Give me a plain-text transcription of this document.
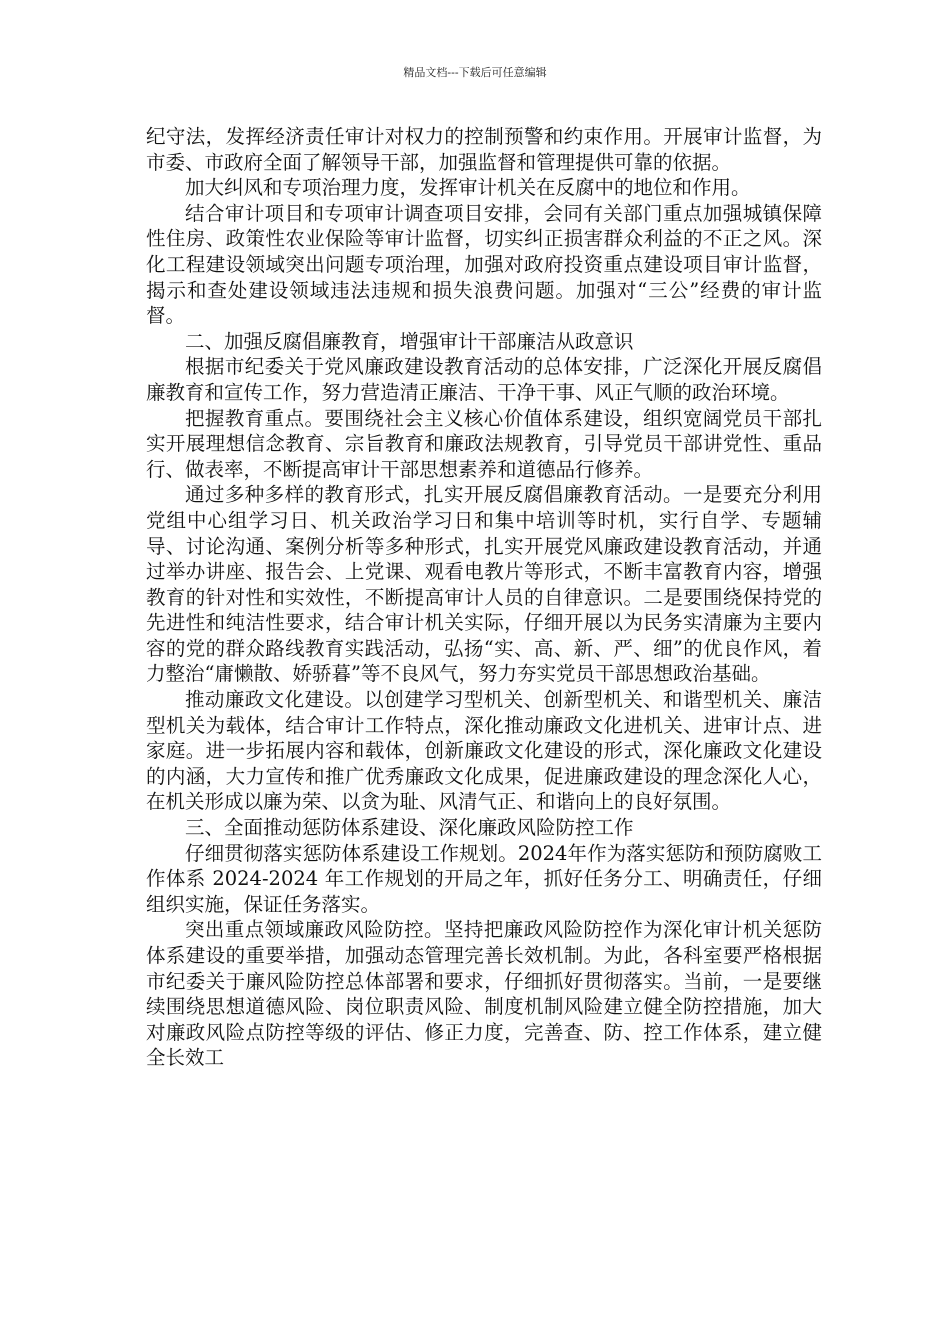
精品文档---下载后可任意编辑

纪守法，发挥经济责任审计对权力的控制预警和约束作用。开展审计监督，为市委、市政府全面了解领导干部，加强监督和管理提供可靠的依据。

加大纠风和专项治理力度，发挥审计机关在反腐中的地位和作用。

结合审计项目和专项审计调查项目安排，会同有关部门重点加强城镇保障性住房、政策性农业保险等审计监督，切实纠正损害群众利益的不正之风。深化工程建设领域突出问题专项治理，加强对政府投资重点建设项目审计监督，揭示和查处建设领域违法违规和损失浪费问题。加强对“三公”经费的审计监督。

二、加强反腐倡廉教育，增强审计干部廉洁从政意识

根据市纪委关于党风廉政建设教育活动的总体安排，广泛深化开展反腐倡廉教育和宣传工作，努力营造清正廉洁、干净干事、风正气顺的政治环境。

把握教育重点。要围绕社会主义核心价值体系建设，组织宽阔党员干部扎实开展理想信念教育、宗旨教育和廉政法规教育，引导党员干部讲党性、重品行、做表率，不断提高审计干部思想素养和道德品行修养。

通过多种多样的教育形式，扎实开展反腐倡廉教育活动。一是要充分利用党组中心组学习日、机关政治学习日和集中培训等时机，实行自学、专题辅导、讨论沟通、案例分析等多种形式，扎实开展党风廉政建设教育活动，并通过举办讲座、报告会、上党课、观看电教片等形式，不断丰富教育内容，增强教育的针对性和实效性，不断提高审计人员的自律意识。二是要围绕保持党的先进性和纯洁性要求，结合审计机关实际，仔细开展以为民务实清廉为主要内容的党的群众路线教育实践活动，弘扬“实、高、新、严、细”的优良作风，着力整治“庸懒散、娇骄暮”等不良风气，努力夯实党员干部思想政治基础。

推动廉政文化建设。以创建学习型机关、创新型机关、和谐型机关、廉洁型机关为载体，结合审计工作特点，深化推动廉政文化进机关、进审计点、进家庭。进一步拓展内容和载体，创新廉政文化建设的形式，深化廉政文化建设的内涵，大力宣传和推广优秀廉政文化成果，促进廉政建设的理念深化人心，在机关形成以廉为荣、以贪为耻、风清气正、和谐向上的良好氛围。

三、全面推动惩防体系建设、深化廉政风险防控工作

仔细贯彻落实惩防体系建设工作规划。2024年作为落实惩防和预防腐败工作体系 2024-2024 年工作规划的开局之年，抓好任务分工、明确责任，仔细组织实施，保证任务落实。

突出重点领域廉政风险防控。坚持把廉政风险防控作为深化审计机关惩防体系建设的重要举措，加强动态管理完善长效机制。为此，各科室要严格根据市纪委关于廉风险防控总体部署和要求，仔细抓好贯彻落实。当前，一是要继续围绕思想道德风险、岗位职责风险、制度机制风险建立健全防控措施，加大对廉政风险点防控等级的评估、修正力度，完善查、防、控工作体系，建立健全长效工
